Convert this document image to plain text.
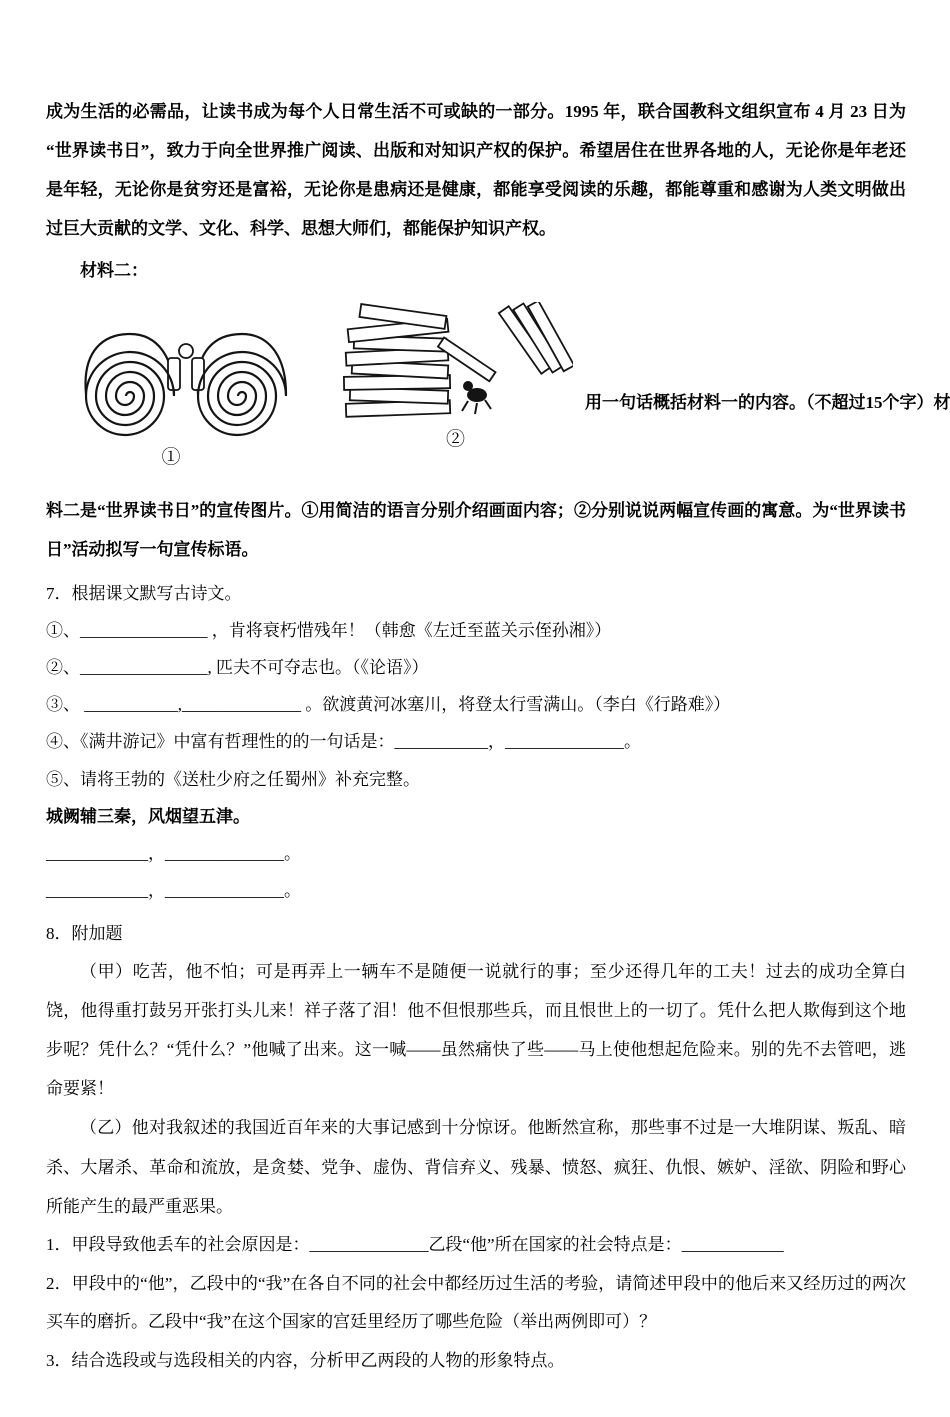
成为生活的必需品，让读书成为每个人日常生活不可或缺的一部分。1995 年，联合国教科文组织宣布 4 月 23 日为“世界读书日”，致力于向全世界推广阅读、出版和对知识产权的保护。希望居住在世界各地的人，无论你是年老还是年轻，无论你是贫穷还是富裕，无论你是患病还是健康，都能享受阅读的乐趣，都能尊重和感谢为人类文明做出过巨大贡献的文学、文化、科学、思想大师们，都能保护知识产权。

材料二：

①
②
用一句话概括材料一的内容。（不超过15个字）材

料二是“世界读书日”的宣传图片。①用简洁的语言分别介绍画面内容；②分别说说两幅宣传画的寓意。为“世界读书日”活动拟写一句宣传标语。

7．根据课文默写古诗文。
①、_______________ ，肯将衰朽惜残年！（韩愈《左迁至蓝关示侄孙湘》）
②、_______________, 匹夫不可夺志也。（《论语》）
③、 ___________,______________ 。欲渡黄河冰塞川，将登太行雪满山。（李白《行路难》）
④、《满井游记》中富有哲理性的的一句话是：___________，______________。
⑤、请将王勃的《送杜少府之任蜀州》补充完整。
城阙辅三秦，风烟望五津。
____________，______________。
____________，______________。
8．附加题

（甲）吃苦，他不怕；可是再弄上一辆车不是随便一说就行的事；至少还得几年的工夫！过去的成功全算白饶，他得重打鼓另开张打头儿来！祥子落了泪！他不但恨那些兵，而且恨世上的一切了。凭什么把人欺侮到这个地步呢？凭什么？“凭什么？”他喊了出来。这一喊——虽然痛快了些——马上使他想起危险来。别的先不去管吧，逃命要紧！

（乙）他对我叙述的我国近百年来的大事记感到十分惊讶。他断然宣称，那些事不过是一大堆阴谋、叛乱、暗杀、大屠杀、革命和流放，是贪婪、党争、虚伪、背信弃义、残暴、愤怒、疯狂、仇恨、嫉妒、淫欲、阴险和野心所能产生的最严重恶果。

1．甲段导致他丢车的社会原因是：______________乙段“他”所在国家的社会特点是：____________
2．甲段中的“他”，乙段中的“我”在各自不同的社会中都经历过生活的考验，请简述甲段中的他后来又经历过的两次买车的磨折。乙段中“我”在这个国家的宫廷里经历了哪些危险（举出两例即可）？
3．结合选段或与选段相关的内容，分析甲乙两段的人物的形象特点。
